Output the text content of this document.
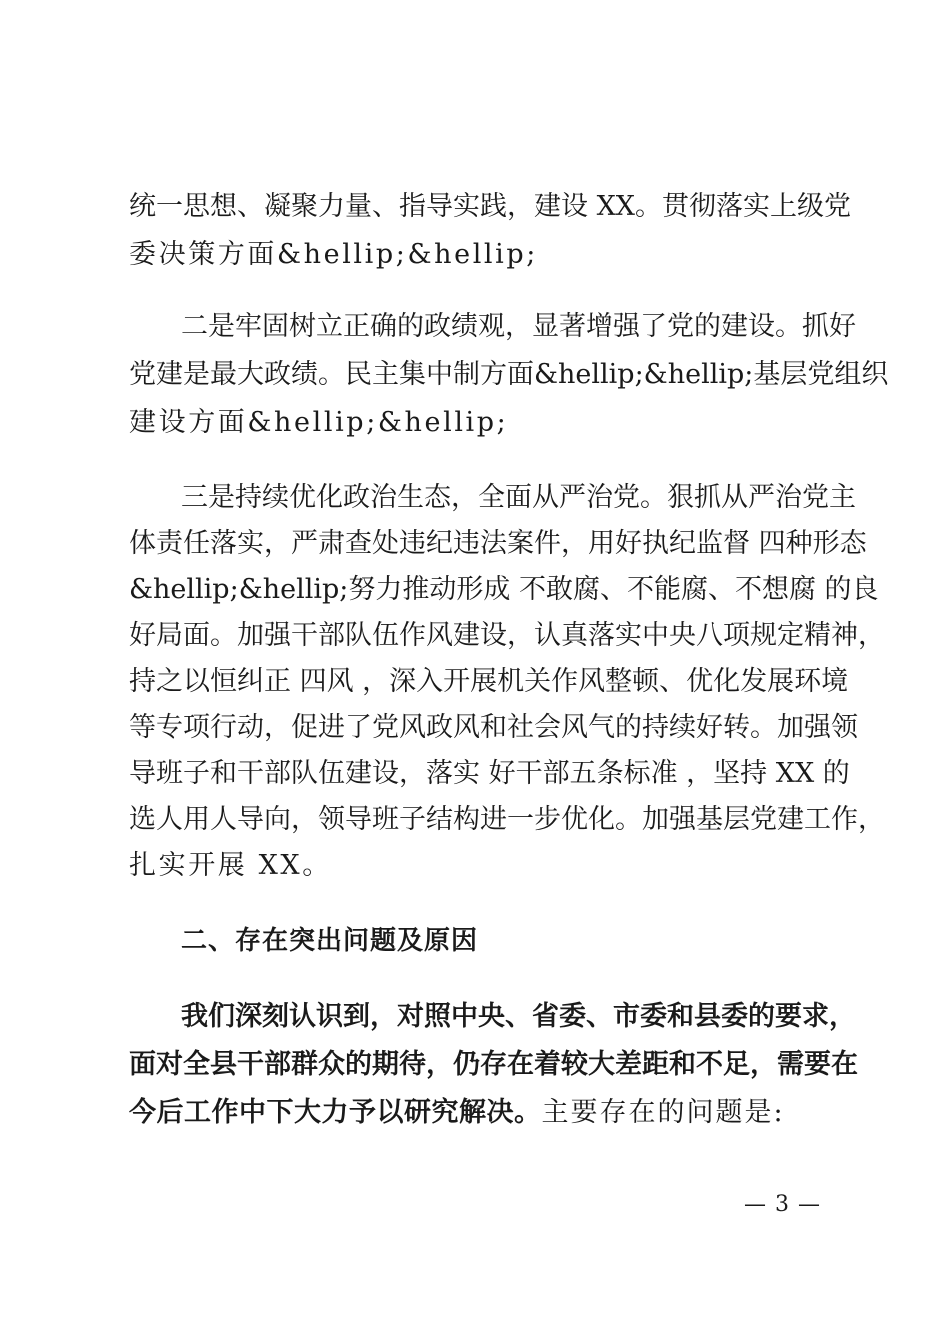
统一思想、凝聚力量、指导实践，建设 XX。贯彻落实上级党
委决策方面&hellip;&hellip;
二是牢固树立正确的政绩观，显著增强了党的建设。抓好
党建是最大政绩。民主集中制方面&hellip;&hellip;基层党组织
建设方面&hellip;&hellip;
三是持续优化政治生态，全面从严治党。狠抓从严治党主
体责任落实，严肃查处违纪违法案件，用好执纪监督 四种形态
&hellip;&hellip;努力推动形成 不敢腐、不能腐、不想腐 的良
好局面。加强干部队伍作风建设，认真落实中央八项规定精神，
持之以恒纠正 四风 ，深入开展机关作风整顿、优化发展环境
等专项行动，促进了党风政风和社会风气的持续好转。加强领
导班子和干部队伍建设，落实 好干部五条标准 ，坚持 XX 的
选人用人导向，领导班子结构进一步优化。加强基层党建工作，
扎实开展 XX。
二、存在突出问题及原因
我们深刻认识到，对照中央、省委、市委和县委的要求，
面对全县干部群众的期待，仍存在着较大差距和不足，需要在
今后工作中下大力予以研究解决。主要存在的问题是:
— 3 —
